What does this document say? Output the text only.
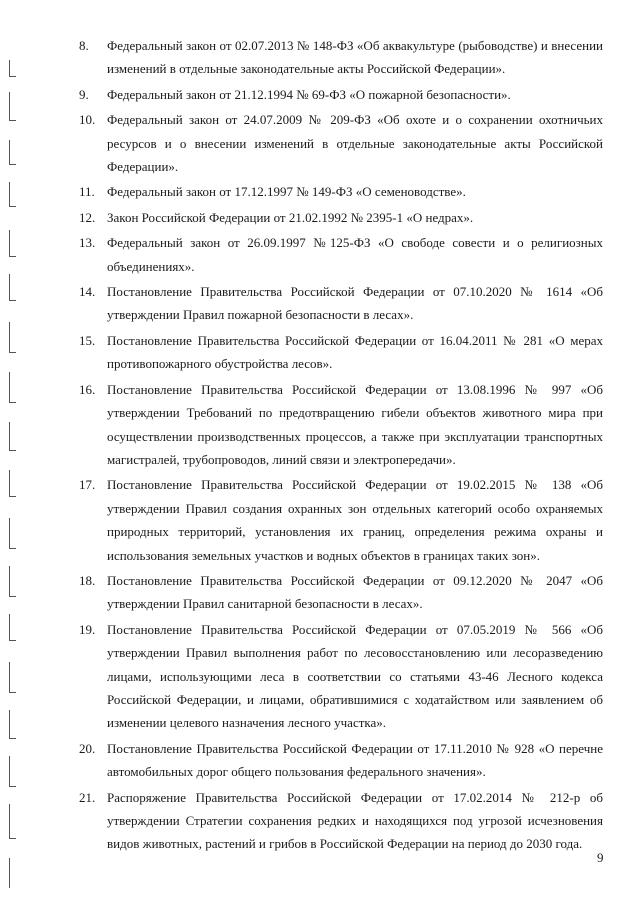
8.	Федеральный закон от 02.07.2013 № 148-ФЗ «Об аквакультуре (рыбоводстве) и внесении изменений в отдельные законодательные акты Российской Федерации».
9.	Федеральный закон от 21.12.1994 № 69-ФЗ «О пожарной безопасности».
10. Федеральный закон от 24.07.2009 № 209-ФЗ «Об охоте и о сохранении охотничьих ресурсов и о внесении изменений в отдельные законодательные акты Российской Федерации».
11. Федеральный закон от 17.12.1997 № 149-ФЗ «О семеноводстве».
12. Закон Российской Федерации от 21.02.1992 № 2395-1 «О недрах».
13. Федеральный закон от 26.09.1997 №125-ФЗ «О свободе совести и о религиозных объединениях».
14. Постановление Правительства Российской Федерации от 07.10.2020 № 1614 «Об утверждении Правил пожарной безопасности в лесах».
15. Постановление Правительства Российской Федерации от 16.04.2011 № 281 «О мерах противопожарного обустройства лесов».
16. Постановление Правительства Российской Федерации от 13.08.1996 № 997 «Об утверждении Требований по предотвращению гибели объектов животного мира при осуществлении производственных процессов, а также при эксплуатации транспортных магистралей, трубопроводов, линий связи и электропередачи».
17. Постановление Правительства Российской Федерации от 19.02.2015 № 138 «Об утверждении Правил создания охранных зон отдельных категорий особо охраняемых природных территорий, установления их границ, определения режима охраны и использования земельных участков и водных объектов в границах таких зон».
18. Постановление Правительства Российской Федерации от 09.12.2020 № 2047 «Об утверждении Правил санитарной безопасности в лесах».
19. Постановление Правительства Российской Федерации от 07.05.2019 № 566 «Об утверждении Правил выполнения работ по лесовосстановлению или лесоразведению лицами, использующими леса в соответствии со статьями 43-46 Лесного кодекса Российской Федерации, и лицами, обратившимися с ходатайством или заявлением об изменении целевого назначения лесного участка».
20. Постановление Правительства Российской Федерации от 17.11.2010 № 928 «О перечне автомобильных дорог общего пользования федерального значения».
21. Распоряжение Правительства Российской Федерации от 17.02.2014 № 212-р об утверждении Стратегии сохранения редких и находящихся под угрозой исчезновения видов животных, растений и грибов в Российской Федерации на период до 2030 года.
9
